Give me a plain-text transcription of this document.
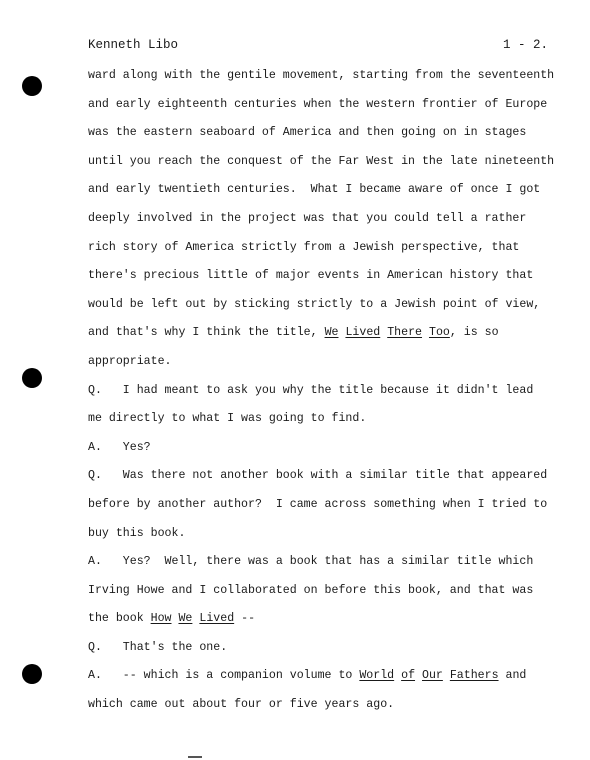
Kenneth Libo	1 - 2.
ward along with the gentile movement, starting from the seventeenth
and early eighteenth centuries when the western frontier of Europe
was the eastern seaboard of America and then going on in stages
until you reach the conquest of the Far West in the late nineteenth
and early twentieth centuries.  What I became aware of once I got
deeply involved in the project was that you could tell a rather
rich story of America strictly from a Jewish perspective, that
there's precious little of major events in American history that
would be left out by sticking strictly to a Jewish point of view,
and that's why I think the title, We Lived There Too, is so
appropriate.
Q.   I had meant to ask you why the title because it didn't lead
me directly to what I was going to find.
A.   Yes?
Q.   Was there not another book with a similar title that appeared
before by another author?  I came across something when I tried to
buy this book.
A.   Yes?  Well, there was a book that has a similar title which
Irving Howe and I collaborated on before this book, and that was
the book How We Lived --
Q.   That's the one.
A.   -- which is a companion volume to World of Our Fathers and
which came out about four or five years ago.
